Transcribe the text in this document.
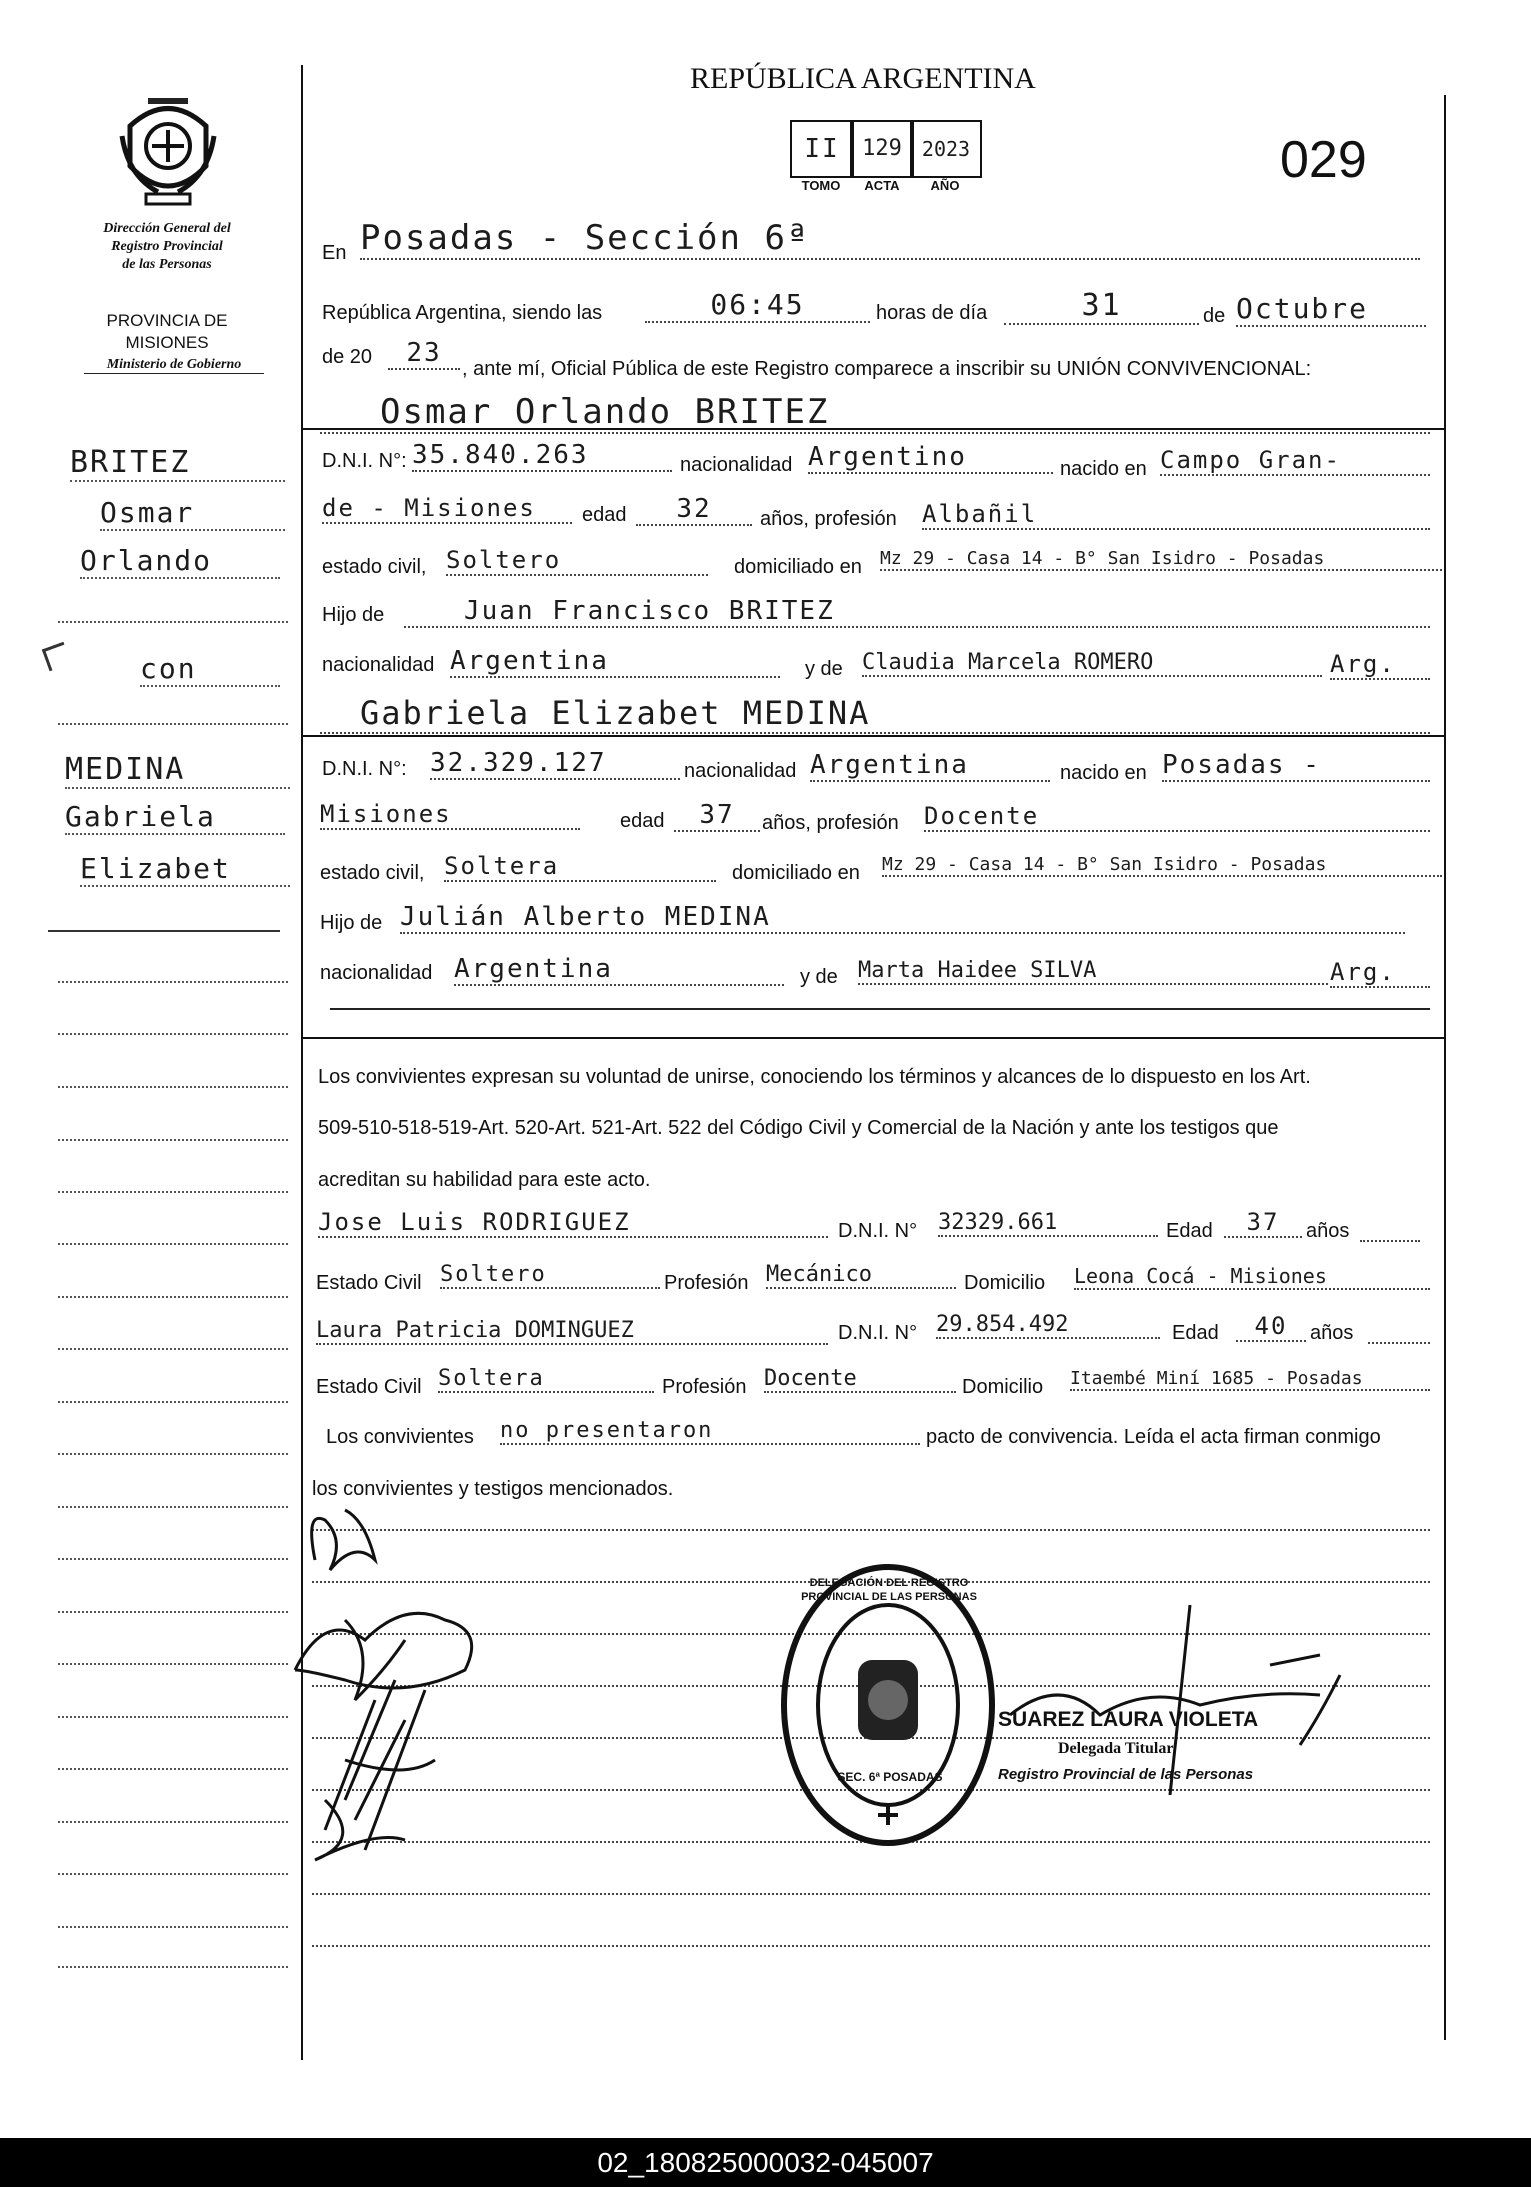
REPÚBLICA ARGENTINA
029
II	129	2023
TOMO	ACTA	AÑO
Dirección General del
Registro Provincial
de las Personas
PROVINCIA DE
MISIONES
Ministerio de Gobierno
BRITEZ
Osmar
Orlando
con
MEDINA
Gabriela
Elizabet
En Posadas - Sección 6ª
República Argentina, siendo las	06:45	horas de día	31	de Octubre
de 20	23
, ante mí, Oficial Pública de este Registro comparece a inscribir su UNIÓN CONVIVENCIONAL:
Osmar Orlando BRITEZ
D.N.I. N°: 35.840.263	nacionalidad Argentino	nacido en Campo Gran-
de - Misiones	edad	32	años, profesión Albañil
estado civil, Soltero	domiciliado en Mz 29 - Casa 14 - B° San Isidro - Posadas
Hijo de	Juan Francisco BRITEZ
nacionalidad Argentina	y de Claudia Marcela ROMERO	Arg.
Gabriela Elizabet MEDINA
D.N.I. N°: 32.329.127	nacionalidad Argentina	nacido en Posadas -
Misiones	edad	37	años, profesión Docente
estado civil, Soltera	domiciliado en Mz 29 - Casa 14 - B° San Isidro - Posadas
Hijo de Julián Alberto MEDINA
nacionalidad Argentina	y de Marta Haidee SILVA	Arg.
Los convivientes expresan su voluntad de unirse, conociendo los términos y alcances de lo dispuesto en los Art.
509-510-518-519-Art. 520-Art. 521-Art. 522 del Código Civil y Comercial de la Nación y ante los testigos que
acreditan su habilidad para este acto.
Jose Luis RODRIGUEZ	D.N.I. N° 32329.661	Edad	37	años
Estado Civil Soltero	Profesión Mecánico	Domicilio Leona Cocá - Misiones
Laura Patricia DOMINGUEZ	D.N.I. N° 29.854.492	Edad	40	años
Estado Civil Soltera	Profesión Docente	Domicilio Itaembé Miní 1685 - Posadas
Los convivientes no presentaron	pacto de convivencia. Leída el acta firman conmigo
los convivientes y testigos mencionados.
DELEGACIÓN DEL REGISTRO PROVINCIAL DE LAS PERSONAS
SEC. 6ª POSADAS
SUAREZ LAURA VIOLETA
Delegada Titular
Registro Provincial de las Personas
02_180825000032-045007
